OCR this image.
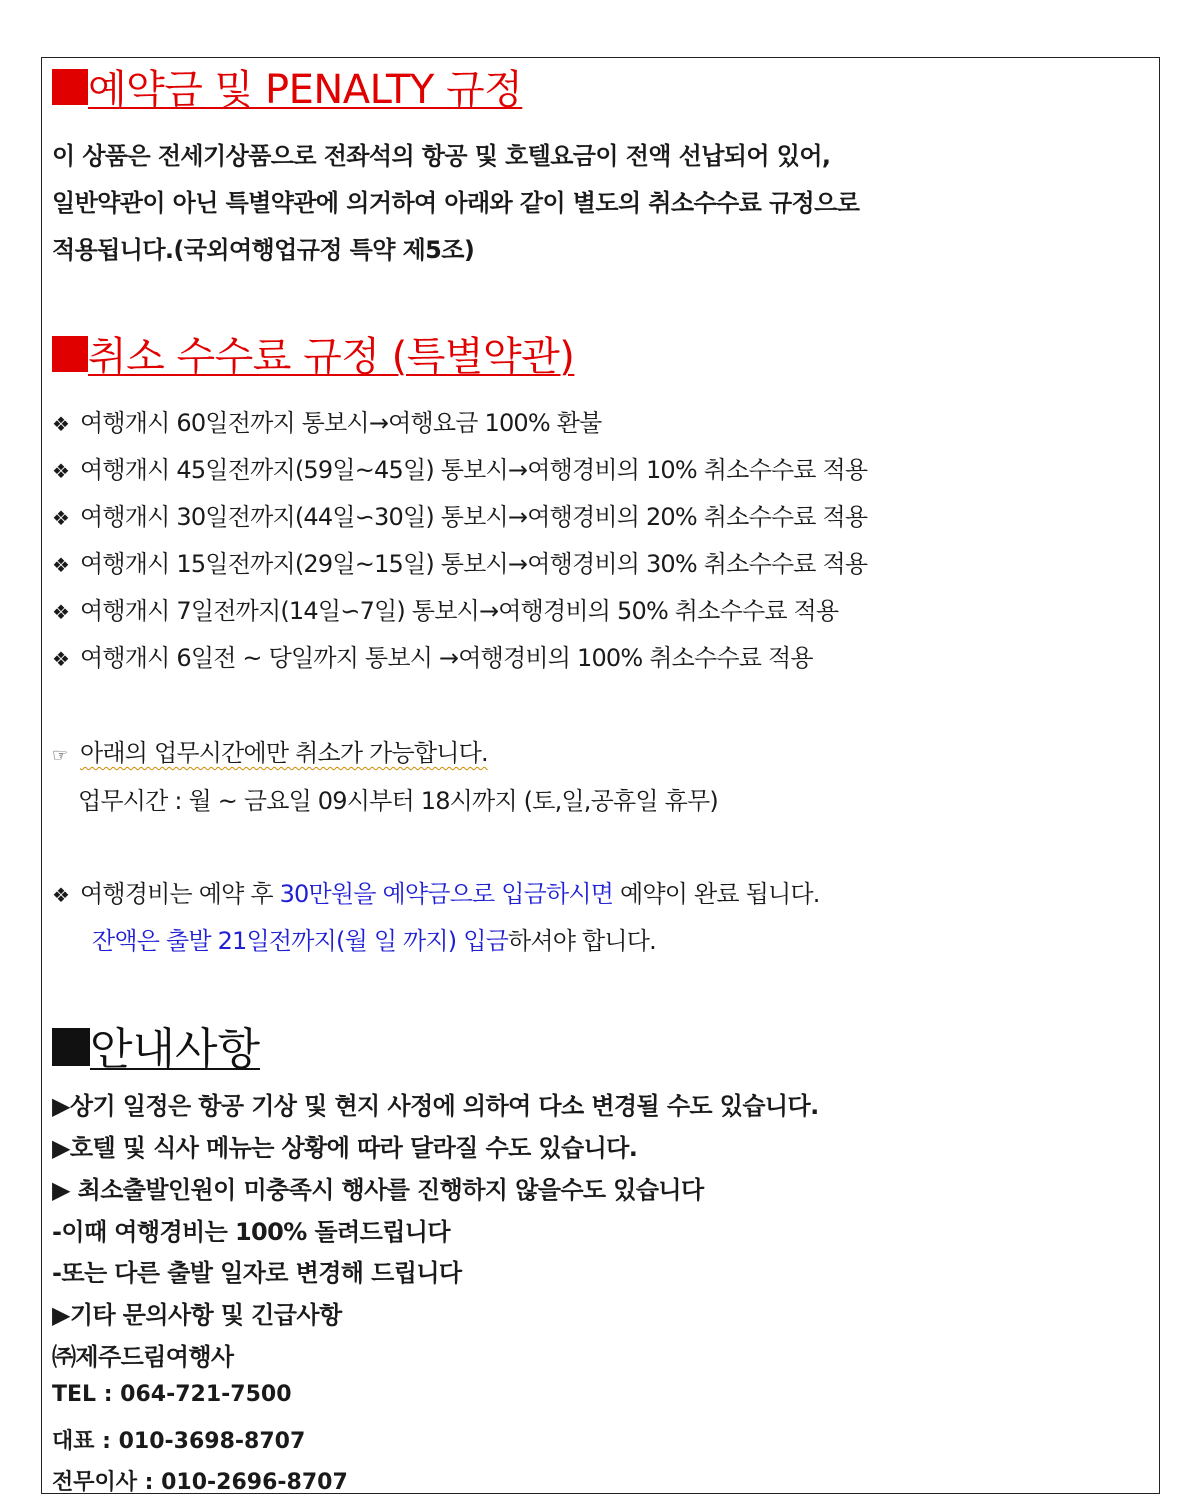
예약금 및 PENALTY 규정

이 상품은 전세기상품으로 전좌석의 항공 및 호텔요금이 전액 선납되어 있어,

일반약관이 아닌 특별약관에 의거하여 아래와 같이 별도의 취소수수료 규정으로

적용됩니다.(국외여행업규정 특약 제5조)

취소 수수료 규정 (특별약관)
❖ 여행개시 60일전까지 통보시→여행요금 100% 환불
❖ 여행개시 45일전까지(59일~45일) 통보시→여행경비의 10% 취소수수료 적용
❖ 여행개시 30일전까지(44일∽30일) 통보시→여행경비의 20% 취소수수료 적용
❖ 여행개시 15일전까지(29일~15일) 통보시→여행경비의 30% 취소수수료 적용
❖ 여행개시 7일전까지(14일∽7일) 통보시→여행경비의 50% 취소수수료 적용
❖ 여행개시 6일전 ~ 당일까지 통보시 →여행경비의 100% 취소수수료 적용
☞ 아래의 업무시간에만 취소가 가능합니다.
업무시간 : 월 ~ 금요일 09시부터 18시까지 (토,일,공휴일 휴무)
❖ 여행경비는 예약 후 30만원을 예약금으로 입금하시면 예약이 완료 됩니다.
잔액은 출발 21일전까지(월 일 까지) 입금하셔야 합니다.
안내사항

▶상기 일정은 항공 기상 및 현지 사정에 의하여 다소 변경될 수도 있습니다.

▶호텔 및 식사 메뉴는 상황에 따라 달라질 수도 있습니다.

▶ 최소출발인원이 미충족시 행사를 진행하지 않을수도 있습니다

-이때 여행경비는 100% 돌려드립니다

-또는 다른 출발 일자로 변경해 드립니다

▶기타 문의사항 및 긴급사항

㈜제주드림여행사

TEL : 064-721-7500

대표 : 010-3698-8707

전무이사 : 010-2696-8707
